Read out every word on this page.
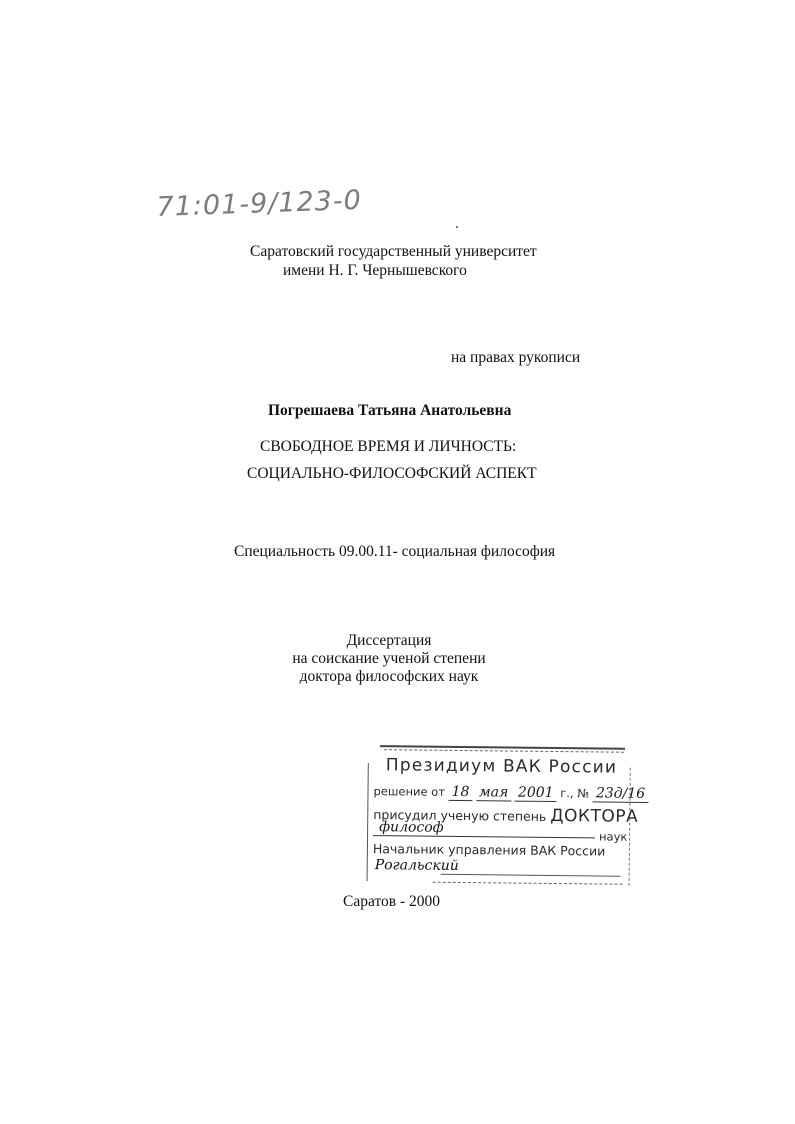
71:01-9/123-0
Саратовский государственный университет
имени Н. Г. Чернышевского
на правах рукописи
Погрешаева Татьяна Анатольевна
СВОБОДНОЕ ВРЕМЯ И ЛИЧНОСТЬ:
СОЦИАЛЬНО-ФИЛОСОФСКИЙ АСПЕКТ
Специальность 09.00.11- социальная философия
Диссертация
на соискание ученой степени
доктора философских наук
Президиум ВАК России
решение от 18 мая 2001 г., № 23д/16
присудил ученую степень ДОКТОРА
философ
наук
Начальник управления ВАК России
Рогальский
Саратов - 2000
